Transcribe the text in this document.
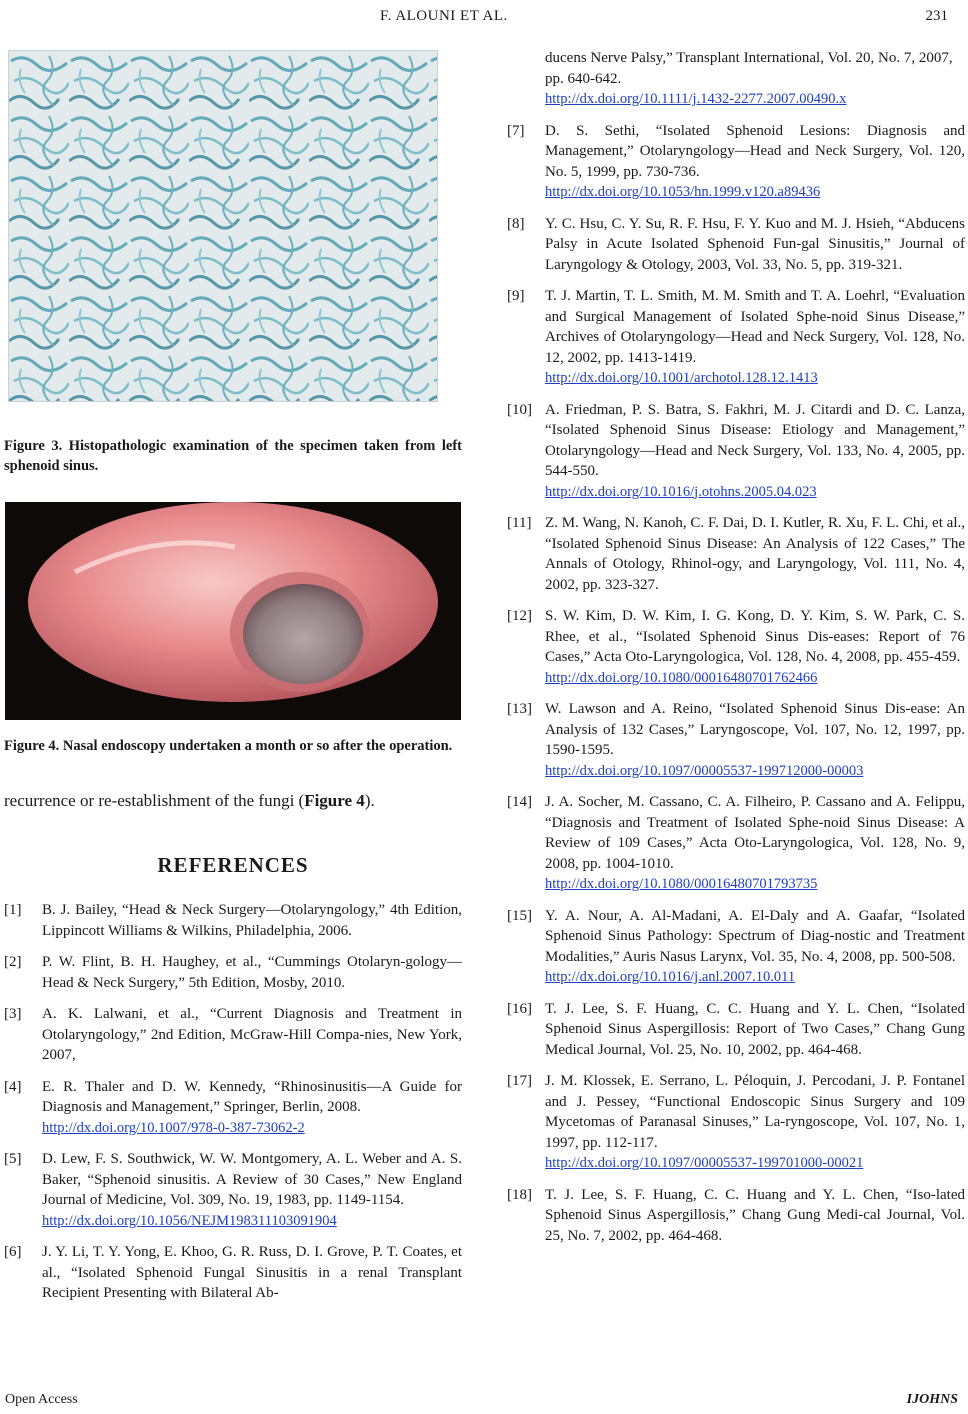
F. ALOUNI ET AL.	231

Figure 3. Histopathologic examination of the specimen taken from left sphenoid sinus.

Figure 4. Nasal endoscopy undertaken a month or so after the operation.

recurrence or re-establishment of the fungi (Figure 4).
REFERENCES
[1]	B. J. Bailey, “Head & Neck Surgery—Otolaryngology,” 4th Edition, Lippincott Williams & Wilkins, Philadelphia, 2006.
[2]	P. W. Flint, B. H. Haughey, et al., “Cummings Otolaryn-gology—Head & Neck Surgery,” 5th Edition, Mosby, 2010.
[3]	A. K. Lalwani, et al., “Current Diagnosis and Treatment in Otolaryngology,” 2nd Edition, McGraw-Hill Compa-nies, New York, 2007,
[4]	E. R. Thaler and D. W. Kennedy, “Rhinosinusitis—A Guide for Diagnosis and Management,” Springer, Berlin, 2008.
http://dx.doi.org/10.1007/978-0-387-73062-2
[5]	D. Lew, F. S. Southwick, W. W. Montgomery, A. L. Weber and A. S. Baker, “Sphenoid sinusitis. A Review of 30 Cases,” New England Journal of Medicine, Vol. 309, No. 19, 1983, pp. 1149-1154.
http://dx.doi.org/10.1056/NEJM198311103091904
[6]	J. Y. Li, T. Y. Yong, E. Khoo, G. R. Russ, D. I. Grove, P. T. Coates, et al., “Isolated Sphenoid Fungal Sinusitis in a renal Transplant Recipient Presenting with Bilateral Ab-
ducens Nerve Palsy,” Transplant International, Vol. 20, No. 7, 2007, pp. 640-642.
http://dx.doi.org/10.1111/j.1432-2277.2007.00490.x
[7]	D. S. Sethi, “Isolated Sphenoid Lesions: Diagnosis and Management,” Otolaryngology—Head and Neck Surgery, Vol. 120, No. 5, 1999, pp. 730-736.
http://dx.doi.org/10.1053/hn.1999.v120.a89436
[8]	Y. C. Hsu, C. Y. Su, R. F. Hsu, F. Y. Kuo and M. J. Hsieh, “Abducens Palsy in Acute Isolated Sphenoid Fun-gal Sinusitis,” Journal of Laryngology & Otology, 2003, Vol. 33, No. 5, pp. 319-321.
[9]	T. J. Martin, T. L. Smith, M. M. Smith and T. A. Loehrl, “Evaluation and Surgical Management of Isolated Sphe-noid Sinus Disease,” Archives of Otolaryngology—Head and Neck Surgery, Vol. 128, No. 12, 2002, pp. 1413-1419.
http://dx.doi.org/10.1001/archotol.128.12.1413
[10] A. Friedman, P. S. Batra, S. Fakhri, M. J. Citardi and D. C. Lanza, “Isolated Sphenoid Sinus Disease: Etiology and Management,” Otolaryngology—Head and Neck Surgery, Vol. 133, No. 4, 2005, pp. 544-550.
http://dx.doi.org/10.1016/j.otohns.2005.04.023
[11] Z. M. Wang, N. Kanoh, C. F. Dai, D. I. Kutler, R. Xu, F. L. Chi, et al., “Isolated Sphenoid Sinus Disease: An Analysis of 122 Cases,” The Annals of Otology, Rhinol-ogy, and Laryngology, Vol. 111, No. 4, 2002, pp. 323-327.
[12] S. W. Kim, D. W. Kim, I. G. Kong, D. Y. Kim, S. W. Park, C. S. Rhee, et al., “Isolated Sphenoid Sinus Dis-eases: Report of 76 Cases,” Acta Oto-Laryngologica, Vol. 128, No. 4, 2008, pp. 455-459.
http://dx.doi.org/10.1080/00016480701762466
[13] W. Lawson and A. Reino, “Isolated Sphenoid Sinus Dis-ease: An Analysis of 132 Cases,” Laryngoscope, Vol. 107, No. 12, 1997, pp. 1590-1595.
http://dx.doi.org/10.1097/00005537-199712000-00003
[14] J. A. Socher, M. Cassano, C. A. Filheiro, P. Cassano and A. Felippu, “Diagnosis and Treatment of Isolated Sphe-noid Sinus Disease: A Review of 109 Cases,” Acta Oto-Laryngologica, Vol. 128, No. 9, 2008, pp. 1004-1010.
http://dx.doi.org/10.1080/00016480701793735
[15] Y. A. Nour, A. Al-Madani, A. El-Daly and A. Gaafar, “Isolated Sphenoid Sinus Pathology: Spectrum of Diag-nostic and Treatment Modalities,” Auris Nasus Larynx, Vol. 35, No. 4, 2008, pp. 500-508.
http://dx.doi.org/10.1016/j.anl.2007.10.011
[16] T. J. Lee, S. F. Huang, C. C. Huang and Y. L. Chen, “Isolated Sphenoid Sinus Aspergillosis: Report of Two Cases,” Chang Gung Medical Journal, Vol. 25, No. 10, 2002, pp. 464-468.
[17] J. M. Klossek, E. Serrano, L. Péloquin, J. Percodani, J. P. Fontanel and J. Pessey, “Functional Endoscopic Sinus Surgery and 109 Mycetomas of Paranasal Sinuses,” La-ryngoscope, Vol. 107, No. 1, 1997, pp. 112-117.
http://dx.doi.org/10.1097/00005537-199701000-00021
[18] T. J. Lee, S. F. Huang, C. C. Huang and Y. L. Chen, “Iso-lated Sphenoid Sinus Aspergillosis,” Chang Gung Medi-cal Journal, Vol. 25, No. 7, 2002, pp. 464-468.
Open Access	IJOHNS
